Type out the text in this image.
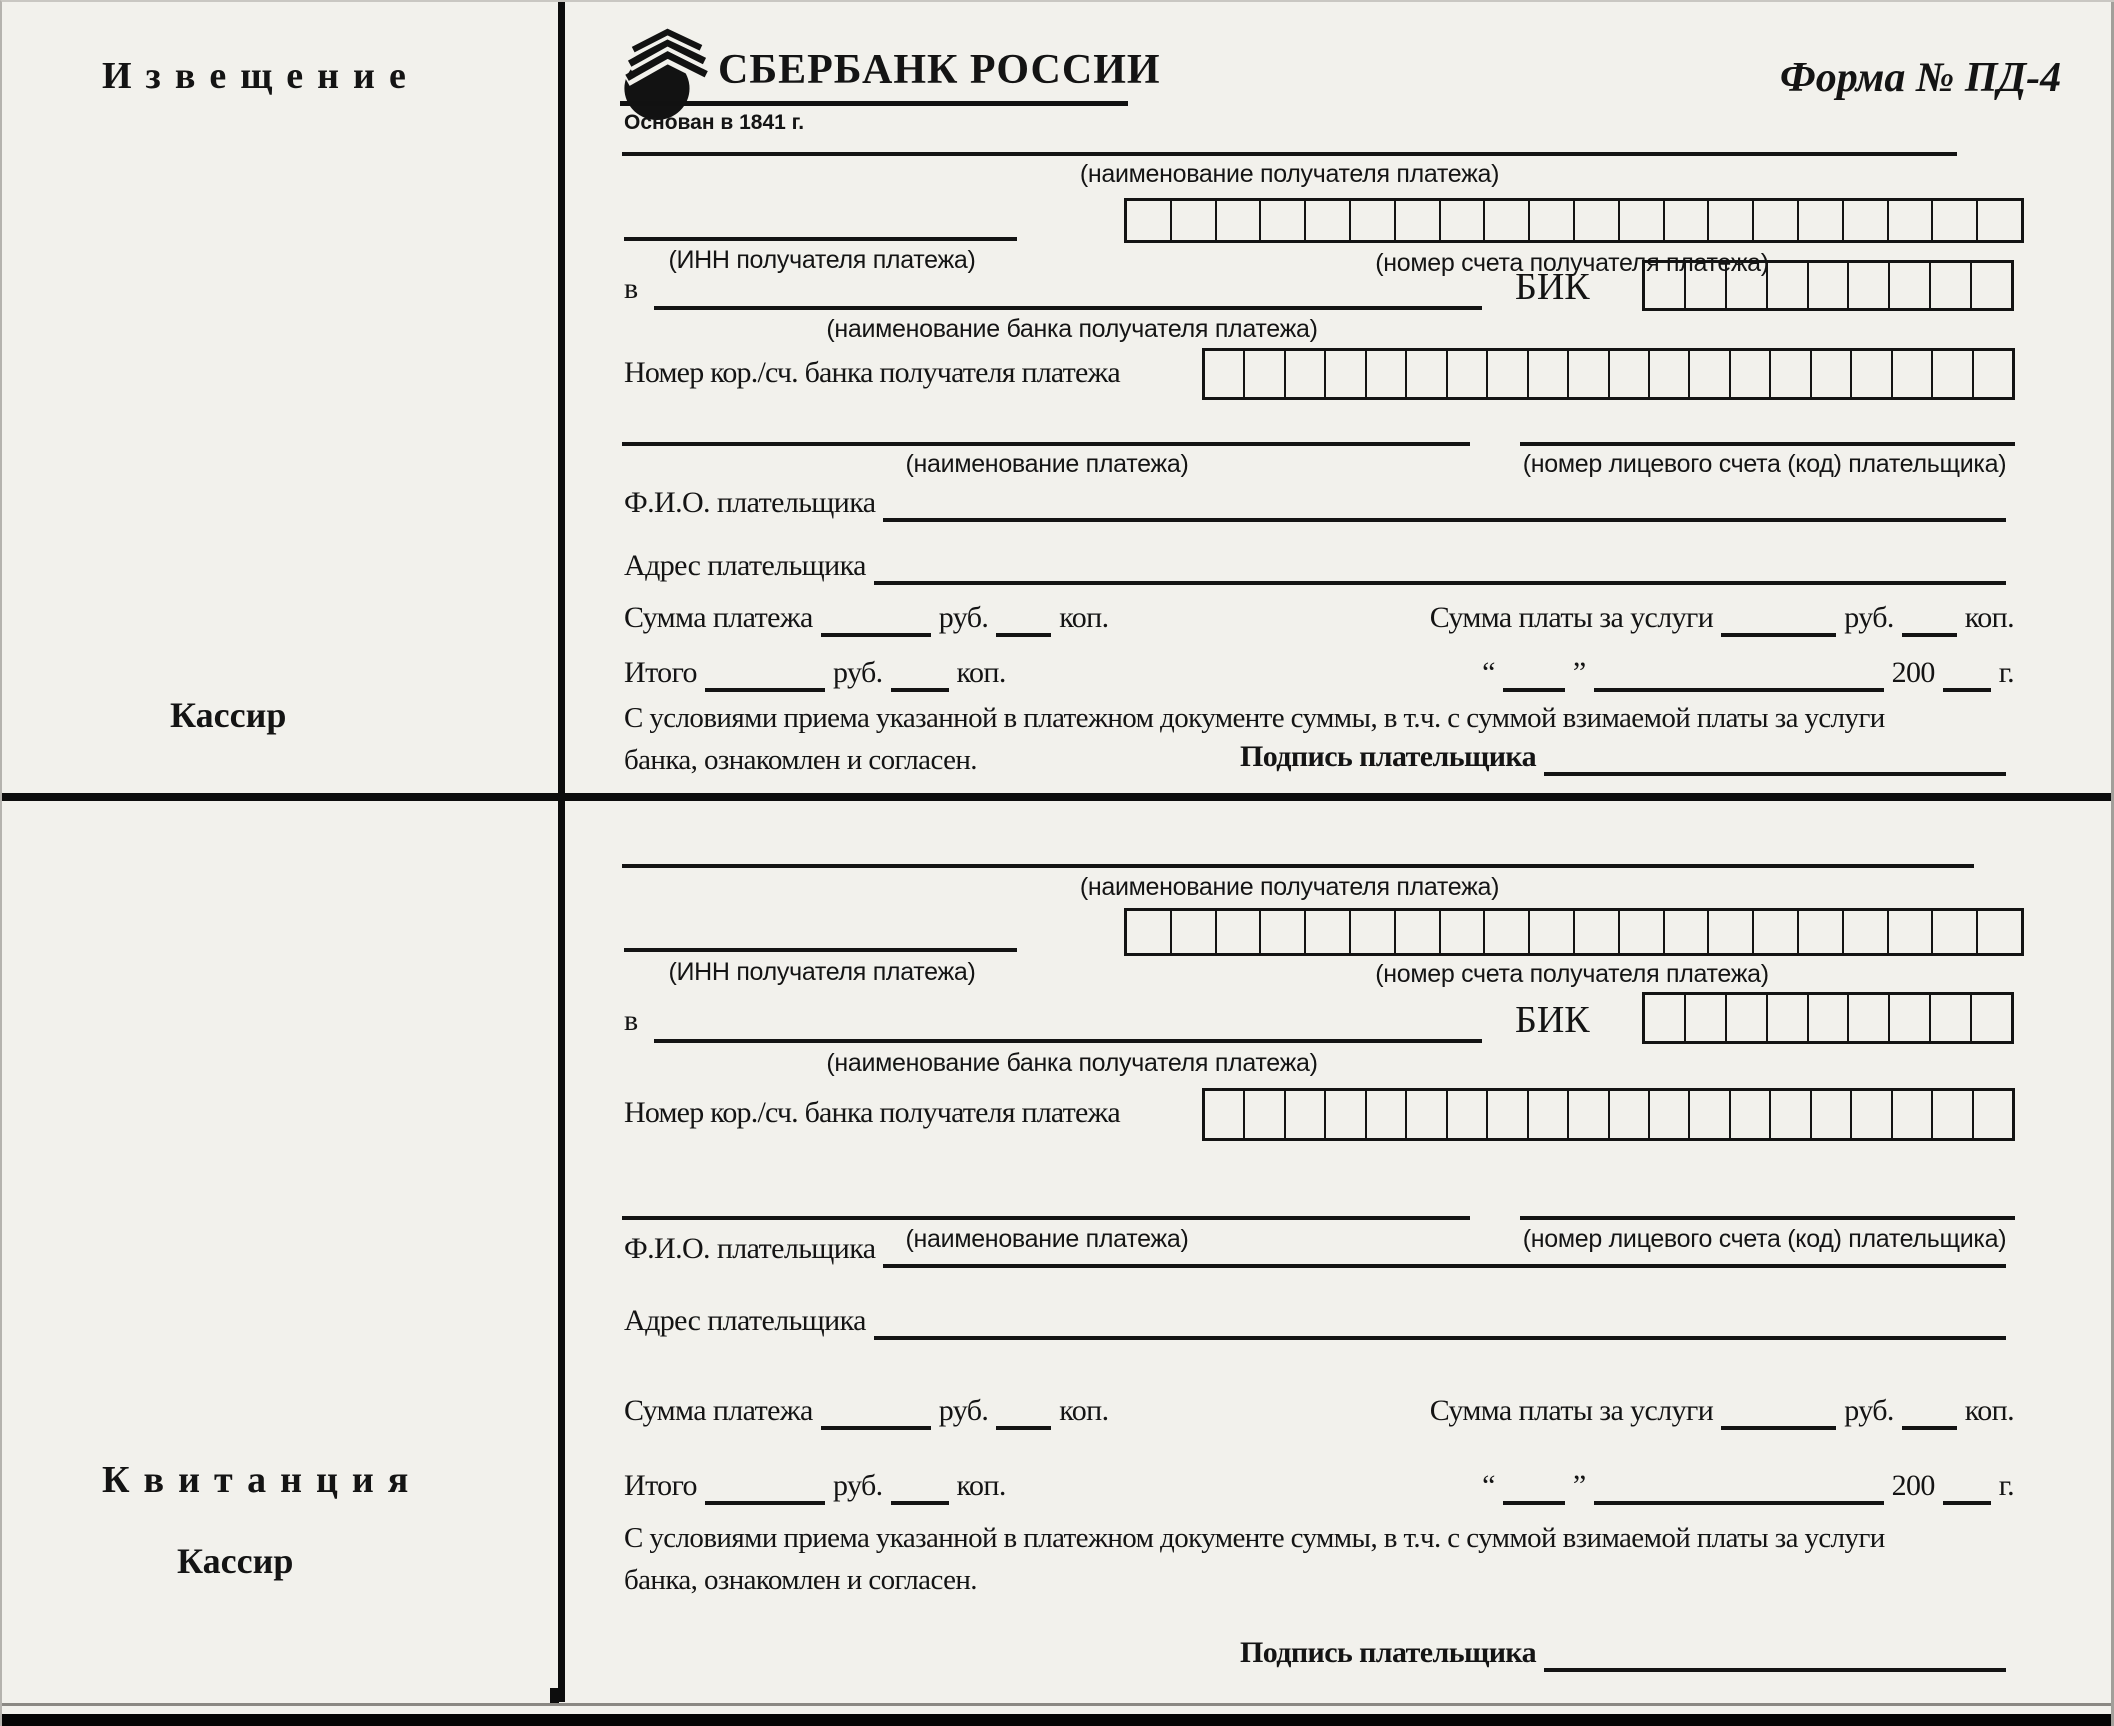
Извещение
Кассир
Квитанция
Кассир
СБЕРБАНК РОССИИ
Основан в 1841 г.
Форма № ПД-4
(наименование получателя платежа)
(ИНН получателя платежа)	(номер счета получателя платежа)
в	БИК
(наименование банка получателя платежа)
Номер кор./сч. банка получателя платежа
(наименование платежа)	(номер лицевого счета (код) плательщика)
Ф.И.О. плательщика
Адрес плательщика
Сумма платежа	руб. коп.	Сумма платы за услуги	руб. коп.
Итого	руб. коп.	“	”	200 г.
С условиями приема указанной в платежном документе суммы, в т.ч. с суммой взимаемой платы за услуги
банка, ознакомлен и согласен.	Подпись плательщика
(наименование получателя платежа)
(ИНН получателя платежа)	(номер счета получателя платежа)
в	БИК
(наименование банка получателя платежа)
Номер кор./сч. банка получателя платежа
(наименование платежа)	(номер лицевого счета (код) плательщика)
Ф.И.О. плательщика
Адрес плательщика
Сумма платежа	руб. коп.	Сумма платы за услуги	руб. коп.
Итого	руб. коп.	“	”	200 г.
С условиями приема указанной в платежном документе суммы, в т.ч. с суммой взимаемой платы за услуги
банка, ознакомлен и согласен.
Подпись плательщика
